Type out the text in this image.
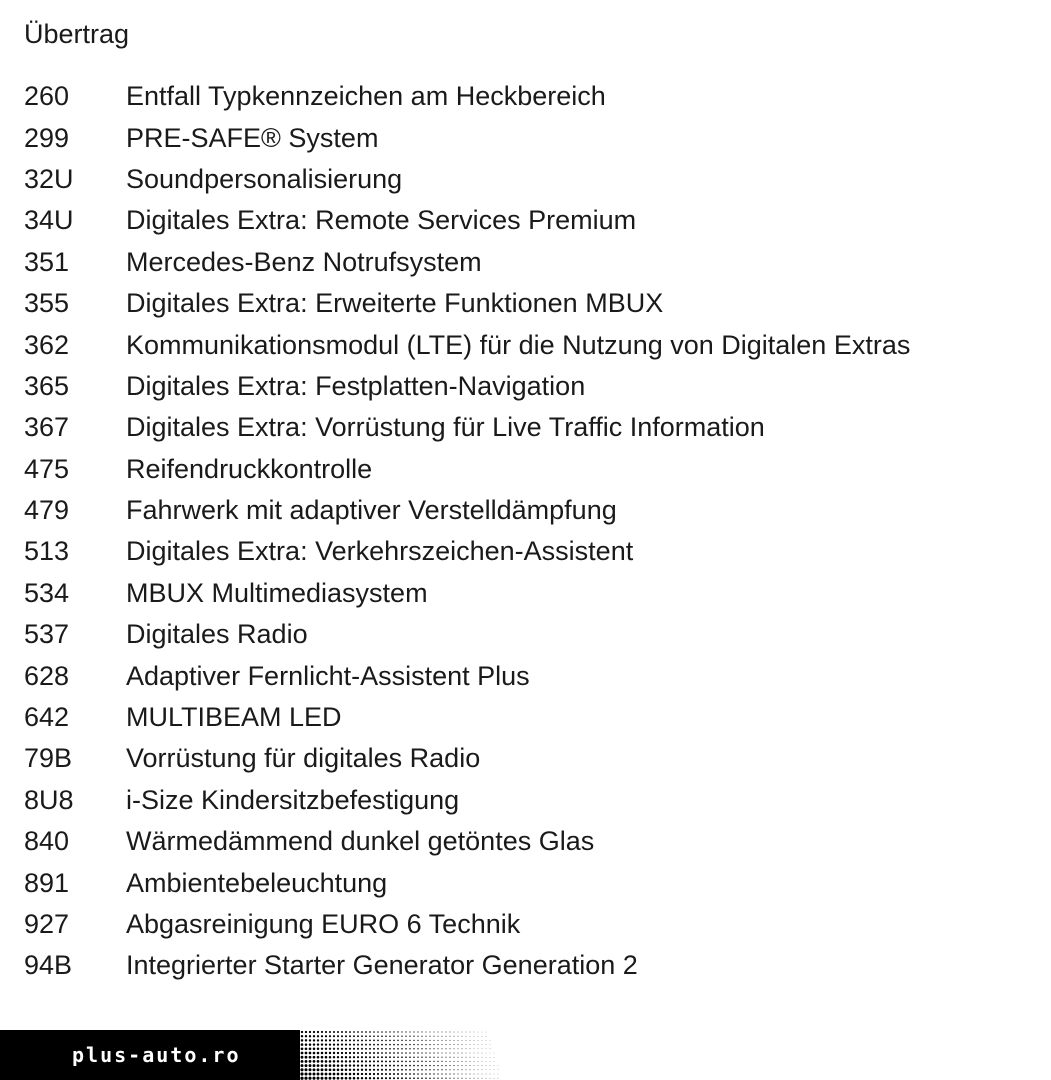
Übertrag
260	Entfall Typkennzeichen am Heckbereich
299	PRE-SAFE® System
32U	Soundpersonalisierung
34U	Digitales Extra: Remote Services Premium
351	Mercedes-Benz Notrufsystem
355	Digitales Extra: Erweiterte Funktionen MBUX
362	Kommunikationsmodul (LTE) für die Nutzung von Digitalen Extras
365	Digitales Extra: Festplatten-Navigation
367	Digitales Extra: Vorrüstung für Live Traffic Information
475	Reifendruckkontrolle
479	Fahrwerk mit adaptiver Verstelldämpfung
513	Digitales Extra: Verkehrszeichen-Assistent
534	MBUX Multimediasystem
537	Digitales Radio
628	Adaptiver Fernlicht-Assistent Plus
642	MULTIBEAM LED
79B	Vorrüstung für digitales Radio
8U8	i-Size Kindersitzbefestigung
840	Wärmedämmend dunkel getöntes Glas
891	Ambientebeleuchtung
927	Abgasreinigung EURO 6 Technik
94B	Integrierter Starter Generator Generation 2
plus-auto.ro
